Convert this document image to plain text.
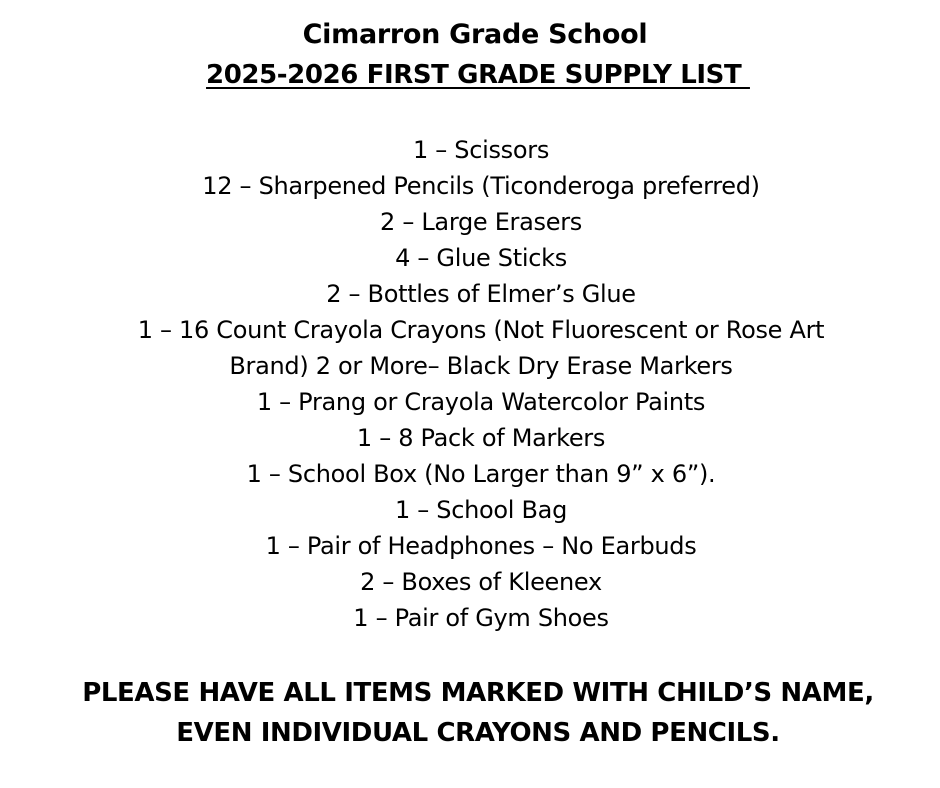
Cimarron Grade School
2025-2026 FIRST GRADE SUPPLY LIST
1 – Scissors
12 – Sharpened Pencils (Ticonderoga preferred)
2 – Large Erasers
4 – Glue Sticks
2 – Bottles of Elmer’s Glue
1 – 16 Count Crayola Crayons (Not Fluorescent or Rose Art
Brand) 2 or More– Black Dry Erase Markers
1 – Prang or Crayola Watercolor Paints
1 – 8 Pack of Markers
1 – School Box (No Larger than 9” x 6”).
1 – School Bag
1 – Pair of Headphones – No Earbuds
2 – Boxes of Kleenex
1 – Pair of Gym Shoes
PLEASE HAVE ALL ITEMS MARKED WITH CHILD’S NAME,
EVEN INDIVIDUAL CRAYONS AND PENCILS.
